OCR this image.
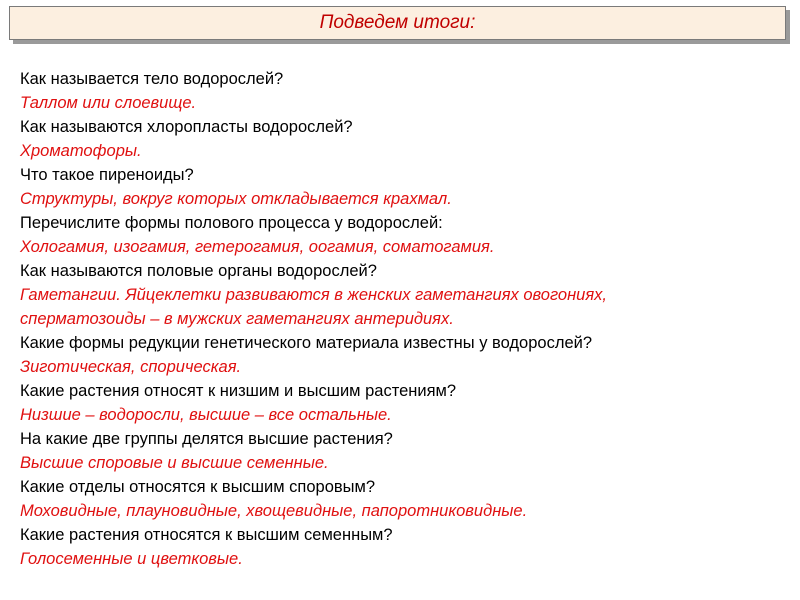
Подведем итоги:
Как называется тело водорослей?
Таллом или слоевище.
Как называются хлоропласты водорослей?
Хроматофоры.
Что такое пиреноиды?
Структуры, вокруг которых откладывается крахмал.
Перечислите формы полового процесса у водорослей:
Хологамия, изогамия, гетерогамия, оогамия, соматогамия.
Как называются половые органы водорослей?
Гаметангии. Яйцеклетки развиваются в женских гаметангиях овогониях,
сперматозоиды – в мужских гаметангиях антеридиях.
Какие формы редукции генетического материала известны у водорослей?
Зиготическая, спорическая.
Какие растения относят к низшим и высшим растениям?
Низшие – водоросли, высшие – все остальные.
На какие две группы делятся высшие растения?
Высшие споровые и высшие семенные.
Какие отделы относятся к высшим споровым?
Моховидные, плауновидные, хвощевидные, папоротниковидные.
Какие растения относятся к высшим семенным?
Голосеменные и цветковые.
